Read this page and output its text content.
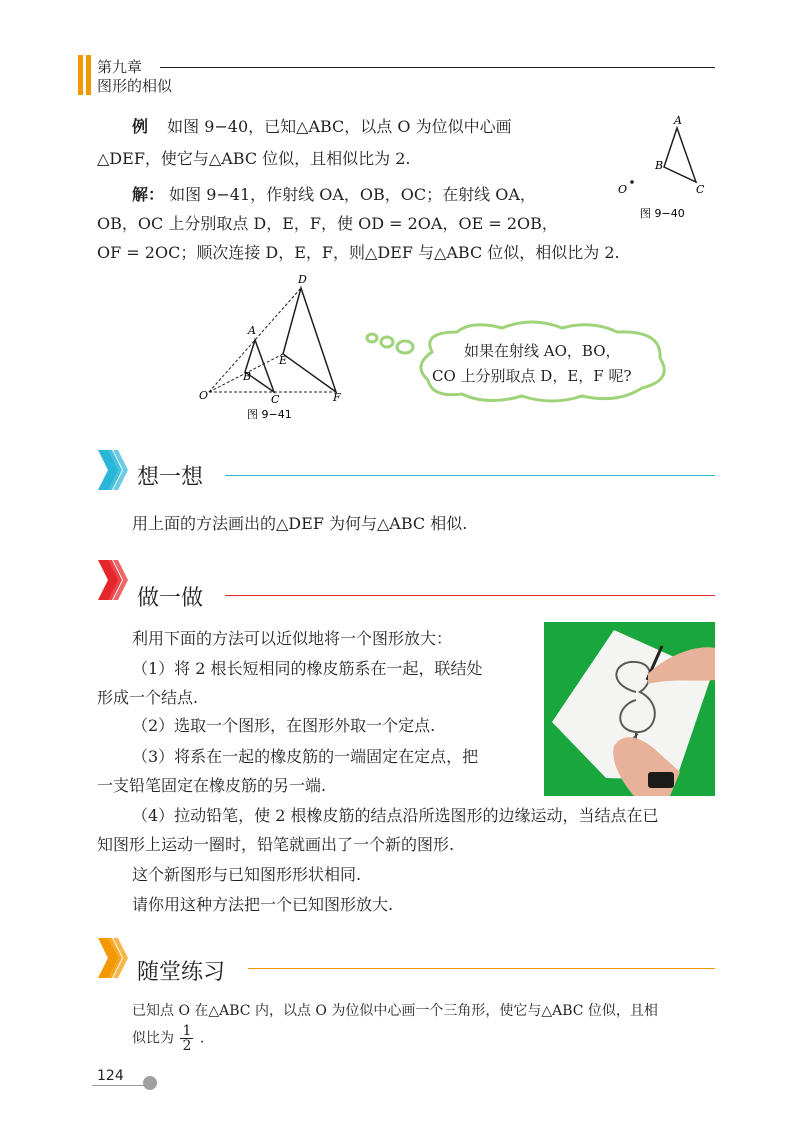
第九章
图形的相似
例 如图 9−40，已知△ABC，以点 O 为位似中心画
△DEF，使它与△ABC 位似，且相似比为 2.
解： 如图 9−41，作射线 OA，OB，OC；在射线 OA，
OB，OC 上分别取点 D，E，F，使 OD = 2OA，OE = 2OB，
OF = 2OC；顺次连接 D，E，F，则△DEF 与△ABC 位似，相似比为 2.
A
B
C
O
图 9−40
D
A
E
B
O	C	F
图 9−41
如果在射线 AO，BO，
CO 上分别取点 D，E，F 呢?
想一想
用上面的方法画出的△DEF 为何与△ABC 相似.
做一做
利用下面的方法可以近似地将一个图形放大：
（1）将 2 根长短相同的橡皮筋系在一起，联结处
形成一个结点.
（2）选取一个图形，在图形外取一个定点.
（3）将系在一起的橡皮筋的一端固定在定点，把
一支铅笔固定在橡皮筋的另一端.
（4）拉动铅笔，使 2 根橡皮筋的结点沿所选图形的边缘运动，当结点在已
知图形上运动一圈时，铅笔就画出了一个新的图形.
这个新图形与已知图形形状相同.
请你用这种方法把一个已知图形放大.
随堂练习
已知点 O 在△ABC 内，以点 O 为位似中心画一个三角形，使它与△ABC 位似，且相
似比为 $\frac{1}{2}$ .
124
